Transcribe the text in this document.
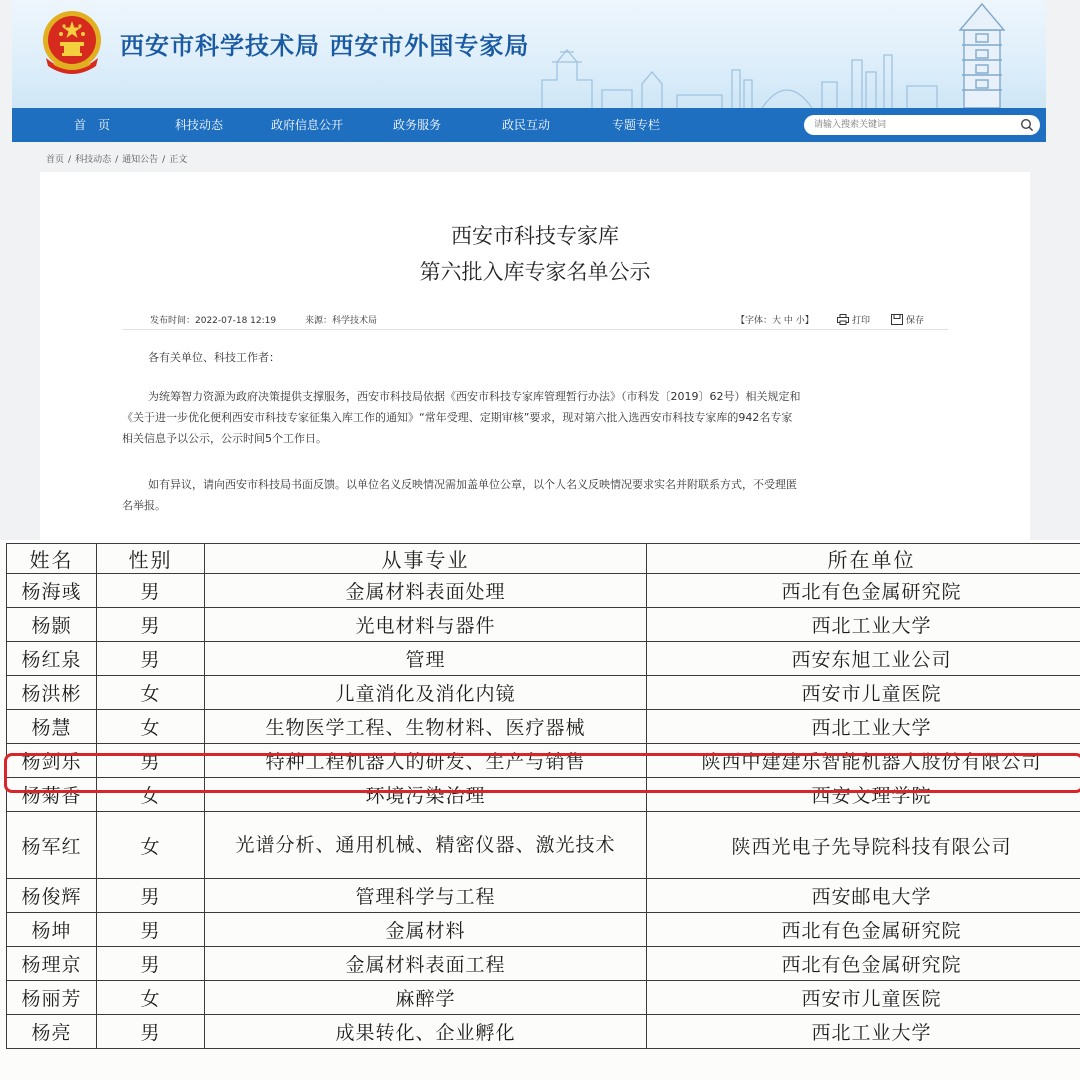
西安市科学技术局 西安市外国专家局
首　页	科技动态	政府信息公开	政务服务	政民互动	专题专栏
请输入搜索关键词
首页 / 科技动态 / 通知公告 / 正文
西安市科技专家库
第六批入库专家名单公示
发布时间：2022-07-18 12:19	来源：科学技术局	【字体：大 中 小】	打印	保存
各有关单位、科技工作者：
为统筹智力资源为政府决策提供支撑服务，西安市科技局依据《西安市科技专家库管理暂行办法》（市科发〔2019〕62号）相关规定和
《关于进一步优化便利西安市科技专家征集入库工作的通知》“常年受理、定期审核”要求，现对第六批入选西安市科技专家库的942名专家
相关信息予以公示，公示时间5个工作日。
如有异议，请向西安市科技局书面反馈。以单位名义反映情况需加盖单位公章，以个人名义反映情况要求实名并附联系方式，不受理匿
名举报。
姓名	性别	从事专业	所在单位
杨海彧	男	金属材料表面处理	西北有色金属研究院
杨颢	男	光电材料与器件	西北工业大学
杨红泉	男	管理	西安东旭工业公司
杨洪彬	女	儿童消化及消化内镜	西安市儿童医院
杨慧	女	生物医学工程、生物材料、医疗器械	西北工业大学
杨剑乐	男	特种工程机器人的研发、生产与销售	陕西中建建乐智能机器人股份有限公司
杨菊香	女	环境污染治理	西安文理学院
杨军红	女	光谱分析、通用机械、精密仪器、激光技术	陕西光电子先导院科技有限公司
杨俊辉	男	管理科学与工程	西安邮电大学
杨坤	男	金属材料	西北有色金属研究院
杨理京	男	金属材料表面工程	西北有色金属研究院
杨丽芳	女	麻醉学	西安市儿童医院
杨亮	男	成果转化、企业孵化	西北工业大学
